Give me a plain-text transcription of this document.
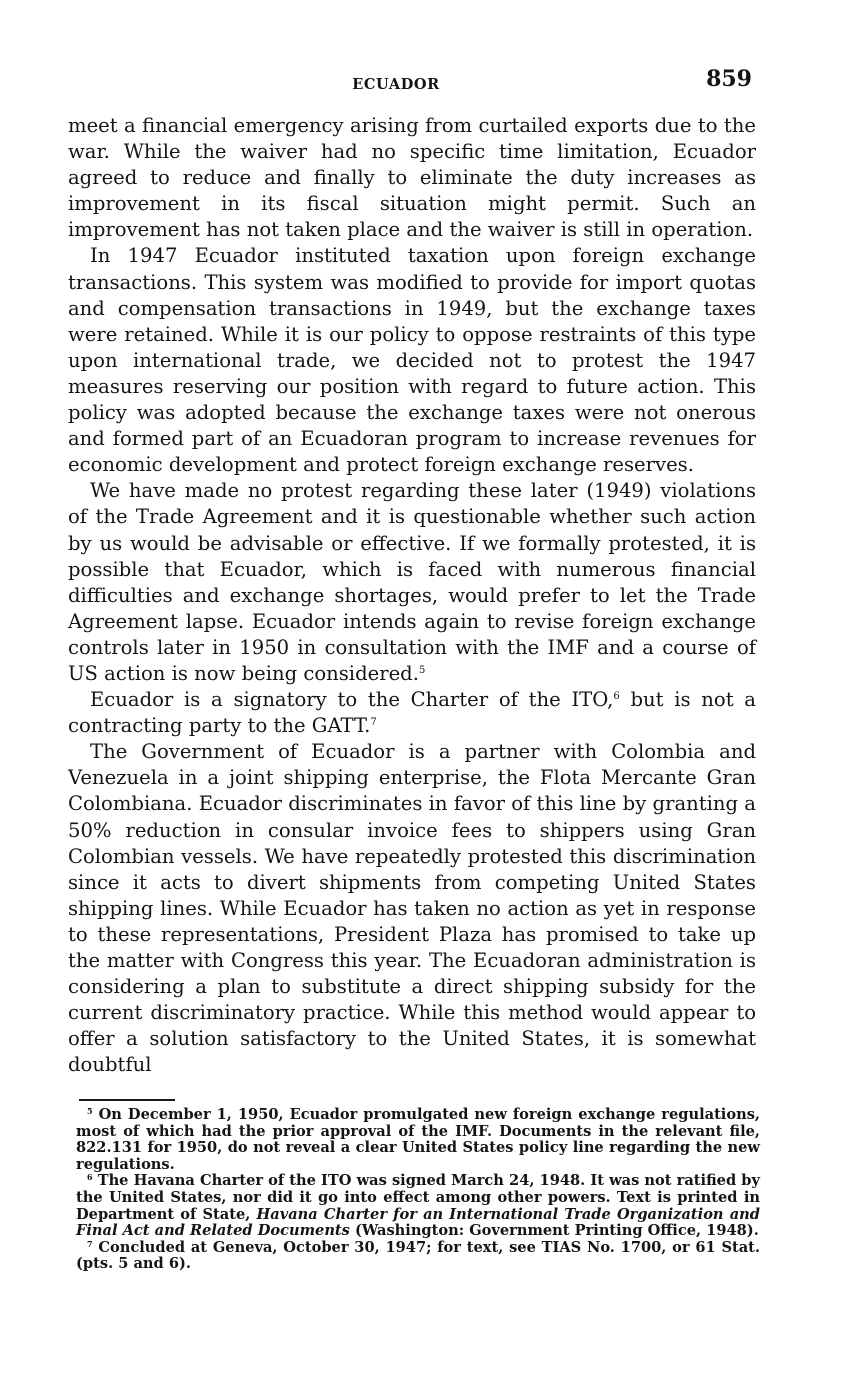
ECUADOR	859

meet a financial emergency arising from curtailed exports due to the war. While the waiver had no specific time limitation, Ecuador agreed to reduce and finally to eliminate the duty increases as improvement in its fiscal situation might permit. Such an improvement has not taken place and the waiver is still in operation.

In 1947 Ecuador instituted taxation upon foreign exchange transactions. This system was modified to provide for import quotas and compensation transactions in 1949, but the exchange taxes were retained. While it is our policy to oppose restraints of this type upon international trade, we decided not to protest the 1947 measures reserving our position with regard to future action. This policy was adopted because the exchange taxes were not onerous and formed part of an Ecuadoran program to increase revenues for economic development and protect foreign exchange reserves.

We have made no protest regarding these later (1949) violations of the Trade Agreement and it is questionable whether such action by us would be advisable or effective. If we formally protested, it is possible that Ecuador, which is faced with numerous financial difficulties and exchange shortages, would prefer to let the Trade Agreement lapse. Ecuador intends again to revise foreign exchange controls later in 1950 in consultation with the IMF and a course of US action is now being considered.$^5$

Ecuador is a signatory to the Charter of the ITO,$^6$ but is not a contracting party to the GATT.$^7$

The Government of Ecuador is a partner with Colombia and Venezuela in a joint shipping enterprise, the Flota Mercante Gran Colombiana. Ecuador discriminates in favor of this line by granting a 50% reduction in consular invoice fees to shippers using Gran Colombian vessels. We have repeatedly protested this discrimination since it acts to divert shipments from competing United States shipping lines. While Ecuador has taken no action as yet in response to these representations, President Plaza has promised to take up the matter with Congress this year. The Ecuadoran administration is considering a plan to substitute a direct shipping subsidy for the current discriminatory practice. While this method would appear to offer a solution satisfactory to the United States, it is somewhat doubtful

$^5$ On December 1, 1950, Ecuador promulgated new foreign exchange regulations, most of which had the prior approval of the IMF. Documents in the relevant file, 822.131 for 1950, do not reveal a clear United States policy line regarding the new regulations.

$^6$ The Havana Charter of the ITO was signed March 24, 1948. It was not ratified by the United States, nor did it go into effect among other powers. Text is printed in Department of State, Havana Charter for an International Trade Organization and Final Act and Related Documents (Washington: Government Printing Office, 1948).

$^7$ Concluded at Geneva, October 30, 1947; for text, see TIAS No. 1700, or 61 Stat. (pts. 5 and 6).
